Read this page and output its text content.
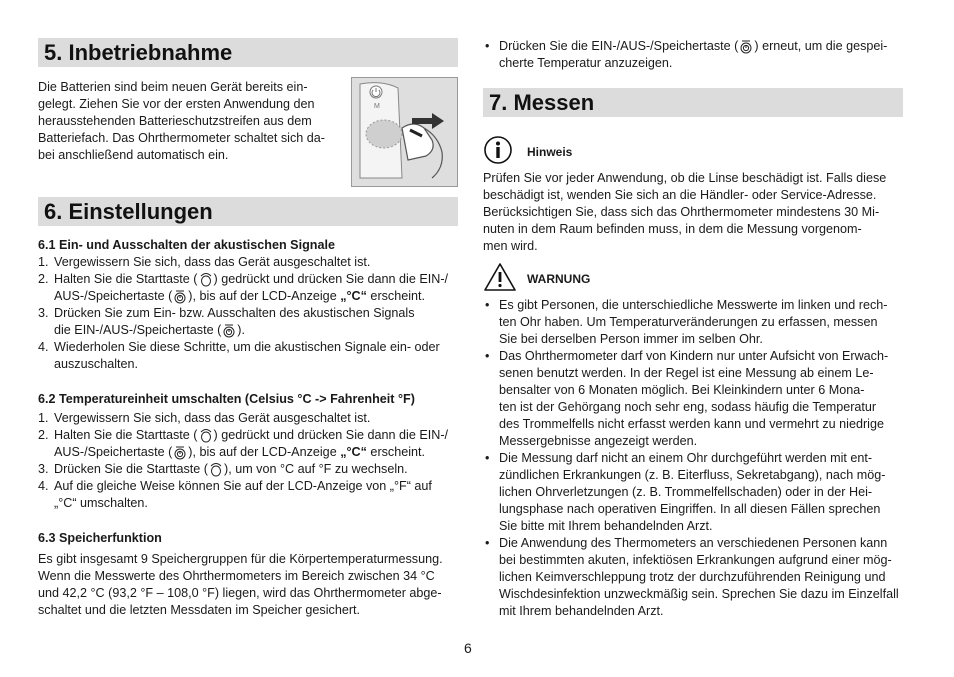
5. Inbetriebnahme

Die Batterien sind beim neuen Gerät bereits ein-

gelegt. Ziehen Sie vor der ersten Anwendung den

herausstehenden Batterieschutzstreifen aus dem

Batteriefach. Das Ohrthermometer schaltet sich da-

bei anschließend automatisch ein.

M
6. Einstellungen
6.1 Ein- und Ausschalten der akustischen Signale
1. Vergewissern Sie sich, dass das Gerät ausgeschaltet ist.
2. Halten Sie die Starttaste ( ) gedrückt und drücken Sie dann die EIN-/
AUS-/Speichertaste ( ), bis auf der LCD-Anzeige „°C“ erscheint.
3. Drücken Sie zum Ein- bzw. Ausschalten des akustischen Signals
die EIN-/AUS-/Speichertaste ( ).
4. Wiederholen Sie diese Schritte, um die akustischen Signale ein- oder
auszuschalten.
6.2 Temperatureinheit umschalten (Celsius °C -> Fahrenheit °F)
1. Vergewissern Sie sich, dass das Gerät ausgeschaltet ist.
2. Halten Sie die Starttaste ( ) gedrückt und drücken Sie dann die EIN-/
AUS-/Speichertaste ( ), bis auf der LCD-Anzeige „°C“ erscheint.
3. Drücken Sie die Starttaste ( ), um von °C auf °F zu wechseln.
4. Auf die gleiche Weise können Sie auf der LCD-Anzeige von „°F“ auf
„°C“ umschalten.
6.3 Speicherfunktion

Es gibt insgesamt 9 Speichergruppen für die Körpertemperaturmessung.

Wenn die Messwerte des Ohrthermometers im Bereich zwischen 34 °C

und 42,2 °C (93,2 °F – 108,0 °F) liegen, wird das Ohrthermometer abge-

schaltet und die letzten Messdaten im Speicher gesichert.

• Drücken Sie die EIN-/AUS-/Speichertaste ( ) erneut, um die gespei-
cherte Temperatur anzuzeigen.
7. Messen
Hinweis

Prüfen Sie vor jeder Anwendung, ob die Linse beschädigt ist. Falls diese

beschädigt ist, wenden Sie sich an die Händler- oder Service-Adresse.

Berücksichtigen Sie, dass sich das Ohrthermometer mindestens 30 Mi-

nuten in dem Raum befinden muss, in dem die Messung vorgenom-

men wird.

WARNUNG
• Es gibt Personen, die unterschiedliche Messwerte im linken und rech-
ten Ohr haben. Um Temperaturveränderungen zu erfassen, messen
Sie bei derselben Person immer im selben Ohr.
• Das Ohrthermometer darf von Kindern nur unter Aufsicht von Erwach-
senen benutzt werden. In der Regel ist eine Messung ab einem Le-
bensalter von 6 Monaten möglich. Bei Kleinkindern unter 6 Mona-
ten ist der Gehörgang noch sehr eng, sodass häufig die Temperatur
des Trommelfells nicht erfasst werden kann und vermehrt zu niedrige
Messergebnisse angezeigt werden.
• Die Messung darf nicht an einem Ohr durchgeführt werden mit ent-
zündlichen Erkrankungen (z. B. Eiterfluss, Sekretabgang), nach mög-
lichen Ohrverletzungen (z. B. Trommelfellschaden) oder in der Hei-
lungsphase nach operativen Eingriffen. In all diesen Fällen sprechen
Sie bitte mit Ihrem behandelnden Arzt.
• Die Anwendung des Thermometers an verschiedenen Personen kann
bei bestimmten akuten, infektiösen Erkrankungen aufgrund einer mög-
lichen Keimverschleppung trotz der durchzuführenden Reinigung und
Wischdesinfektion unzweckmäßig sein. Sprechen Sie dazu im Einzelfall
mit Ihrem behandelnden Arzt.
6
